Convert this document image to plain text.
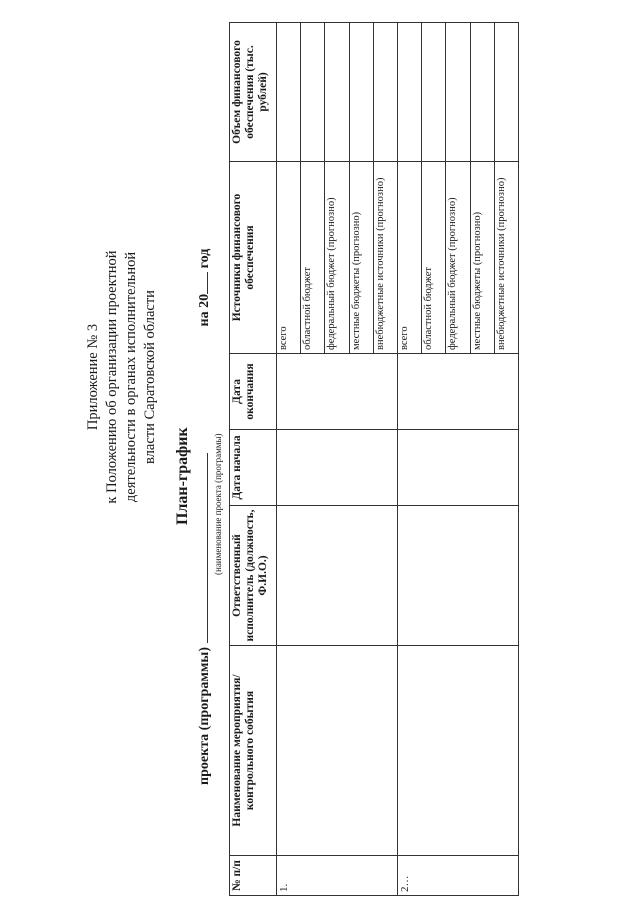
Приложение № 3 к Положению об организации проектной деятельности в органах исполнительной власти Саратовской области
План-график
проекта (программы)   на 20 год
(наименование проекта (программы)
№ п/п	Наименование мероприятия/контрольного события	Ответственный исполнитель (должность, Ф.И.О.)	Дата начала	Дата окончания	Источники финансового обеспечения	Объем финансового обеспечения (тыс. рублей)
1.					всего	
					областной бюджет	
					федеральный бюджет (прогнозно)	
					местные бюджеты (прогнозно)	
					внебюджетные источники (прогнозно)	
2…					всего	
					областной бюджет	
					федеральный бюджет (прогнозно)	
					местные бюджеты (прогнозно)	
					внебюджетные источники (прогнозно)	
